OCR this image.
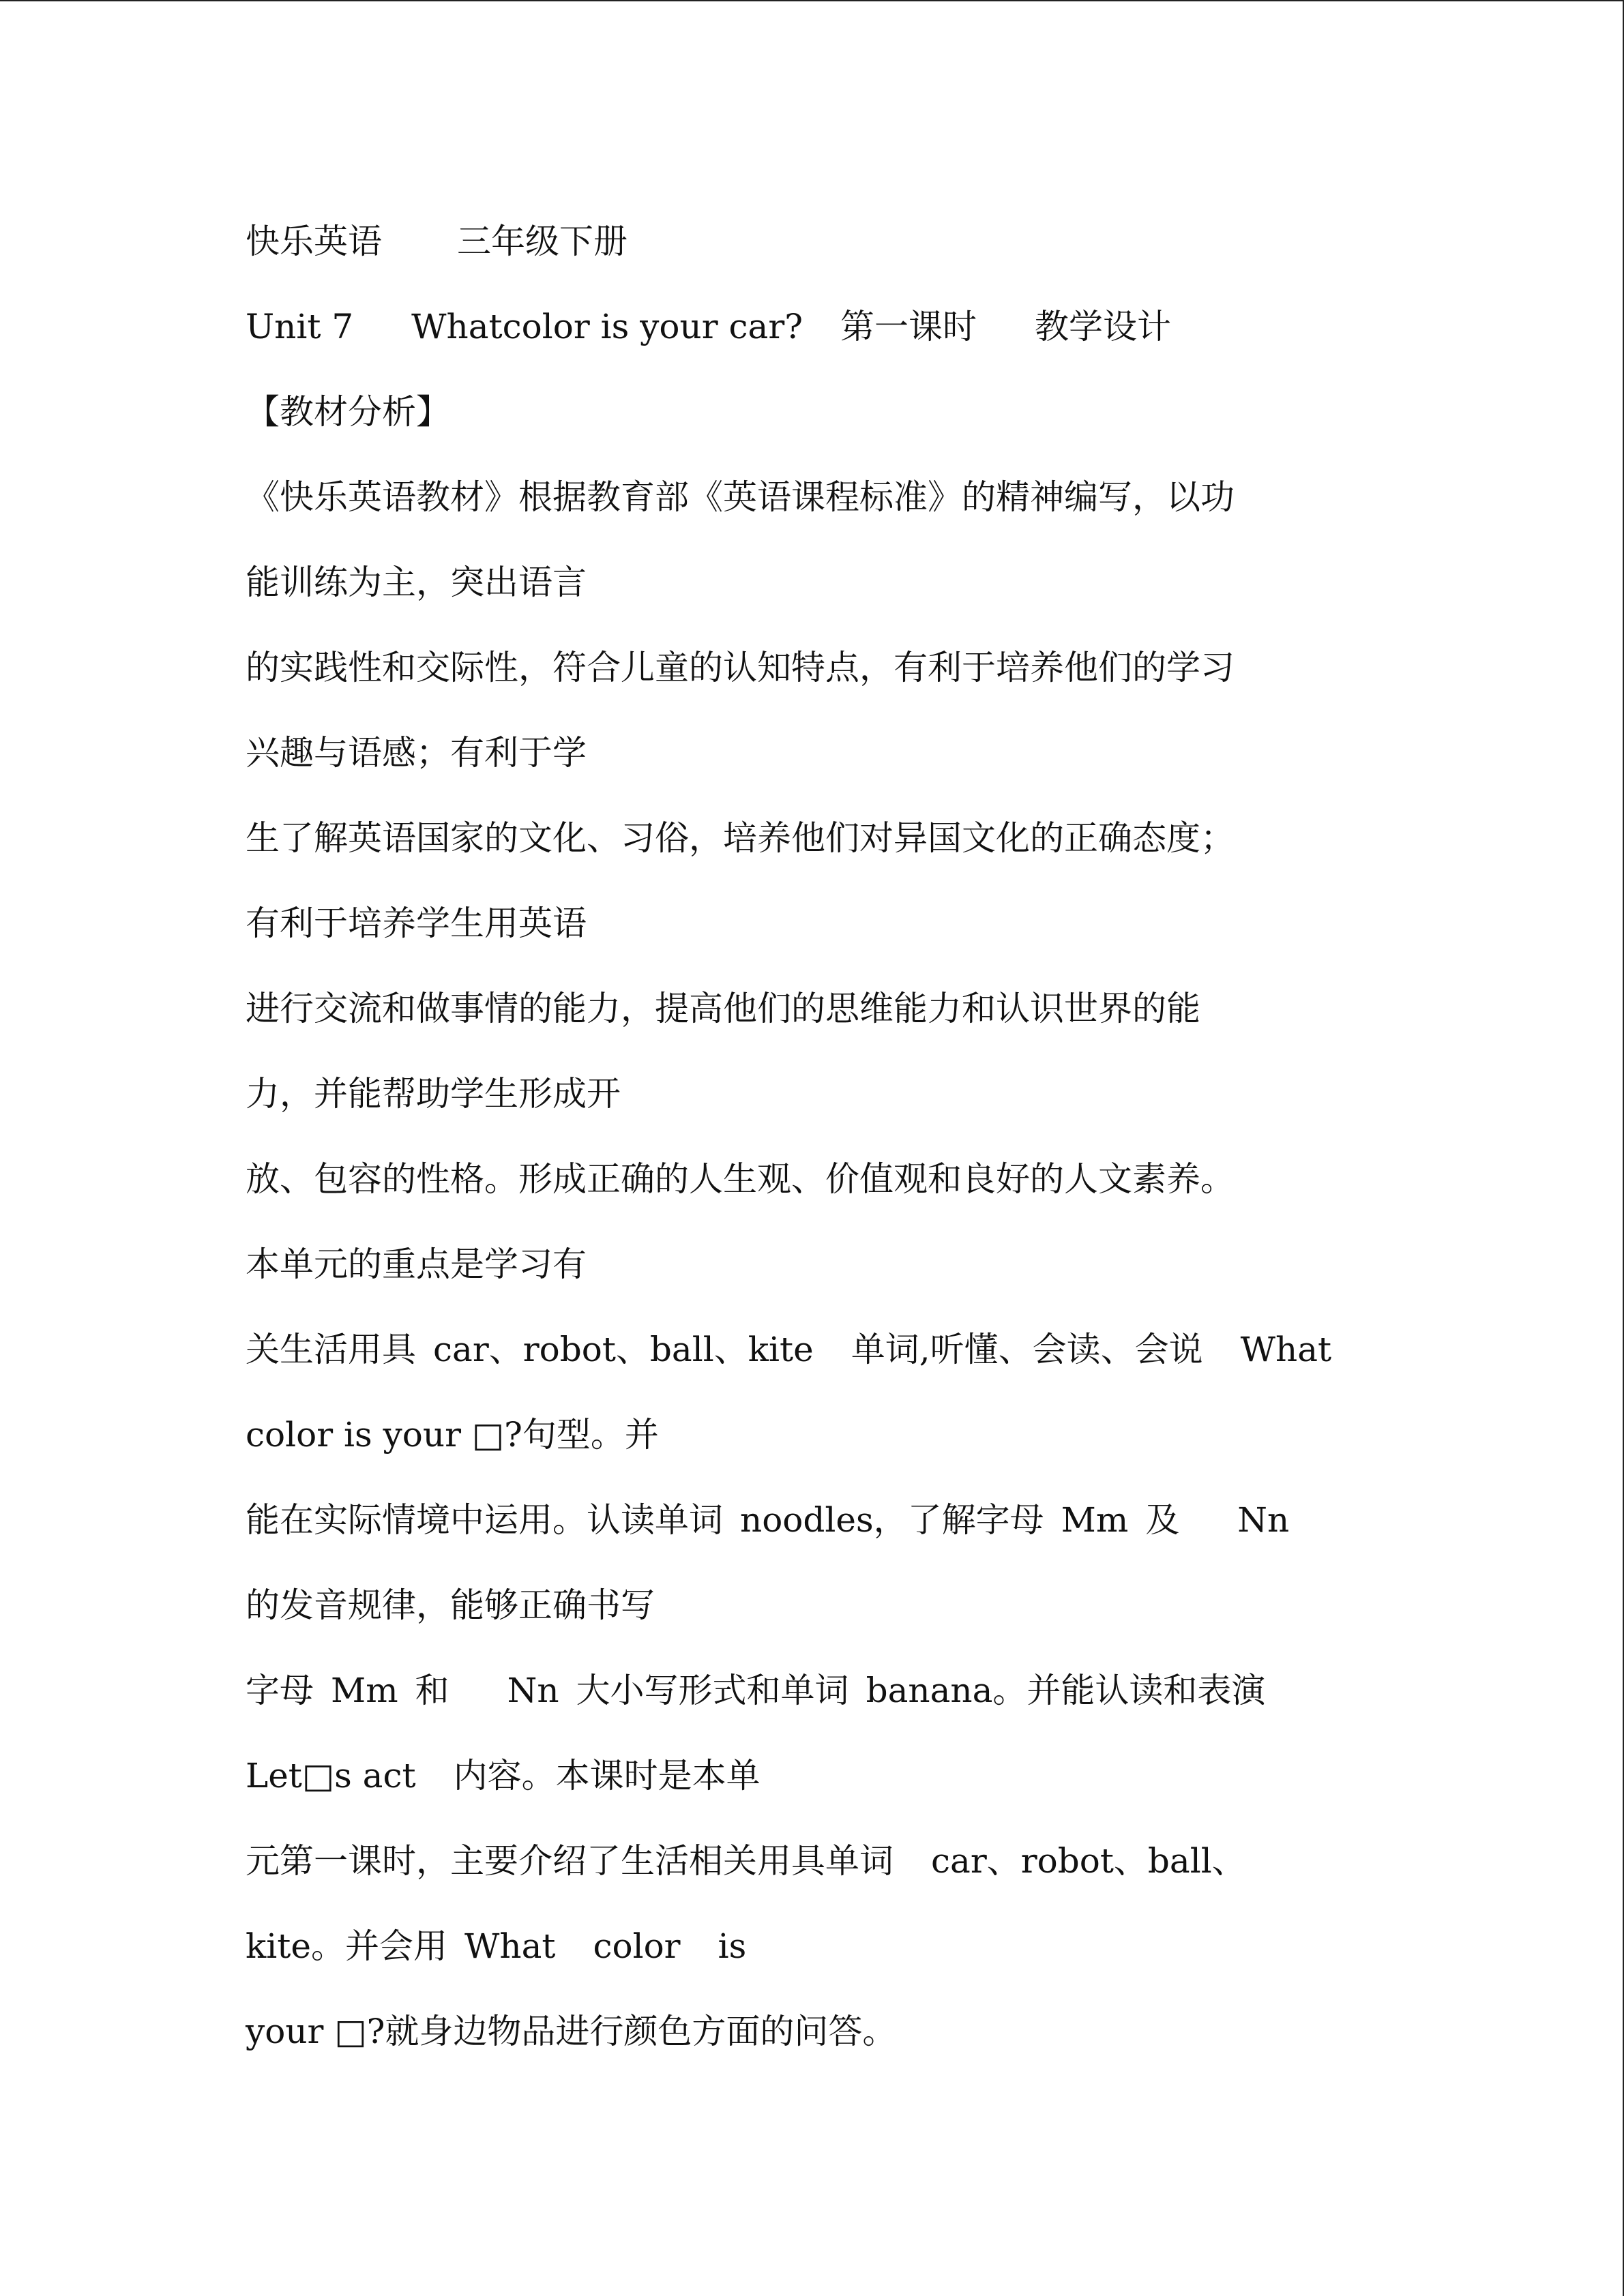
快乐英语 三年级下册
Unit 7 Whatcolor is your car? 第一课时 教学设计
【教材分析】
《快乐英语教材》根据教育部《英语课程标准》的精神编写，以功
能训练为主，突出语言
的实践性和交际性，符合儿童的认知特点，有利于培养他们的学习
兴趣与语感；有利于学
生了解英语国家的文化、习俗，培养他们对异国文化的正确态度；
有利于培养学生用英语
进行交流和做事情的能力，提高他们的思维能力和认识世界的能
力，并能帮助学生形成开
放、包容的性格。形成正确的人生观、价值观和良好的人文素养。
本单元的重点是学习有
关生活用具 car、robot、ball、kite 单词,听懂、会读、会说 What
color is your □?句型。并
能在实际情境中运用。认读单词 noodles，了解字母 Mm 及 Nn
的发音规律，能够正确书写
字母 Mm 和 Nn 大小写形式和单词 banana。并能认读和表演
Let□s act 内容。本课时是本单
元第一课时，主要介绍了生活相关用具单词 car、robot、ball、
kite。并会用 What color is
your □?就身边物品进行颜色方面的问答。
